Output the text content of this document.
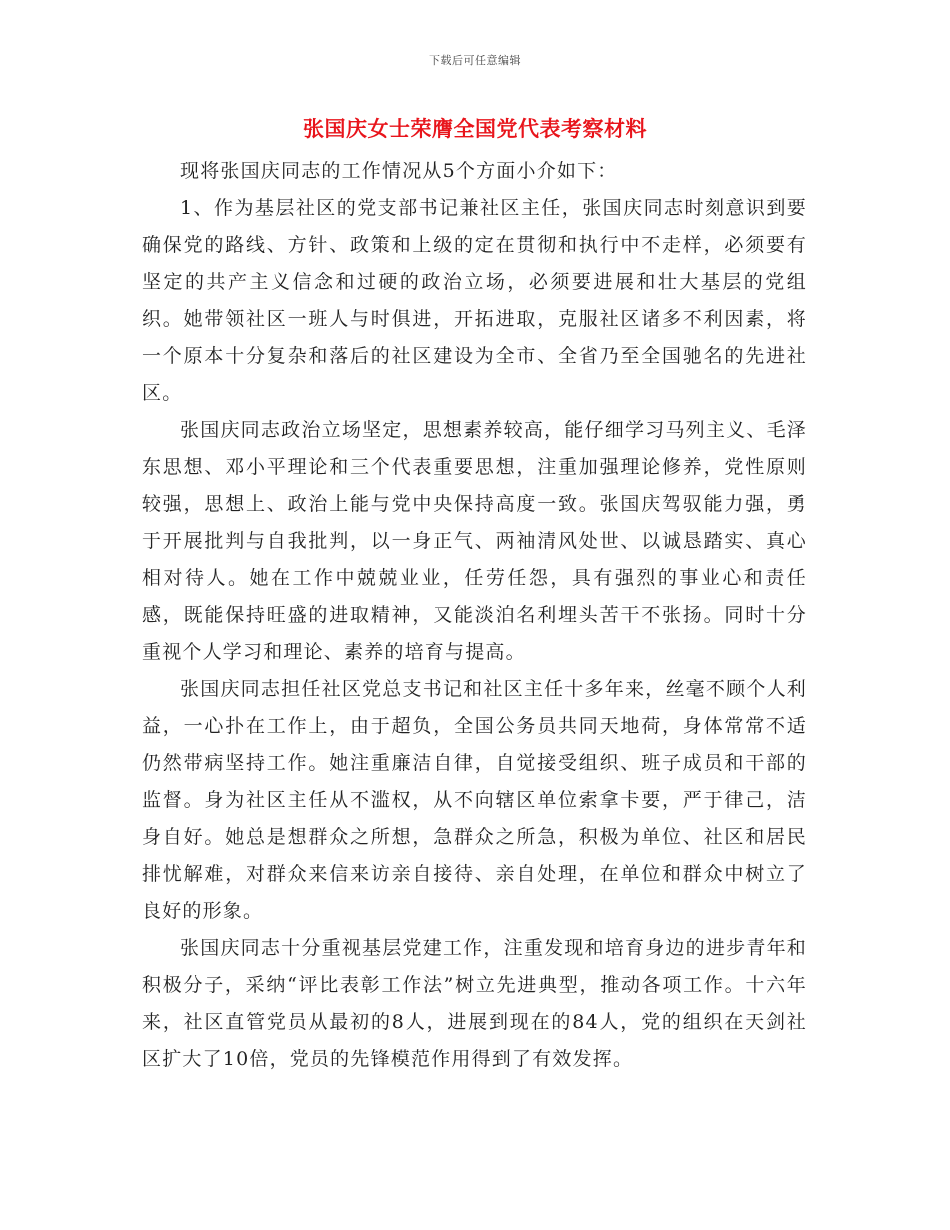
下载后可任意编辑
张国庆女士荣膺全国党代表考察材料

现将张国庆同志的工作情况从5个方面小介如下：

1、作为基层社区的党支部书记兼社区主任，张国庆同志时刻意识到要确保党的路线、方针、政策和上级的定在贯彻和执行中不走样，必须要有坚定的共产主义信念和过硬的政治立场，必须要进展和壮大基层的党组织。她带领社区一班人与时俱进，开拓进取，克服社区诸多不利因素，将一个原本十分复杂和落后的社区建设为全市、全省乃至全国驰名的先进社区。

张国庆同志政治立场坚定，思想素养较高，能仔细学习马列主义、毛泽东思想、邓小平理论和三个代表重要思想，注重加强理论修养，党性原则较强，思想上、政治上能与党中央保持高度一致。张国庆驾驭能力强，勇于开展批判与自我批判，以一身正气、两袖清风处世、以诚恳踏实、真心相对待人。她在工作中兢兢业业，任劳任怨，具有强烈的事业心和责任感，既能保持旺盛的进取精神，又能淡泊名利埋头苦干不张扬。同时十分重视个人学习和理论、素养的培育与提高。

张国庆同志担任社区党总支书记和社区主任十多年来，丝毫不顾个人利益，一心扑在工作上，由于超负，全国公务员共同天地荷，身体常常不适仍然带病坚持工作。她注重廉洁自律，自觉接受组织、班子成员和干部的监督。身为社区主任从不滥权，从不向辖区单位索拿卡要，严于律己，洁身自好。她总是想群众之所想，急群众之所急，积极为单位、社区和居民排忧解难，对群众来信来访亲自接待、亲自处理，在单位和群众中树立了良好的形象。

张国庆同志十分重视基层党建工作，注重发现和培育身边的进步青年和积极分子，采纳“评比表彰工作法”树立先进典型，推动各项工作。十六年来，社区直管党员从最初的8人，进展到现在的84人，党的组织在天剑社区扩大了10倍，党员的先锋模范作用得到了有效发挥。
